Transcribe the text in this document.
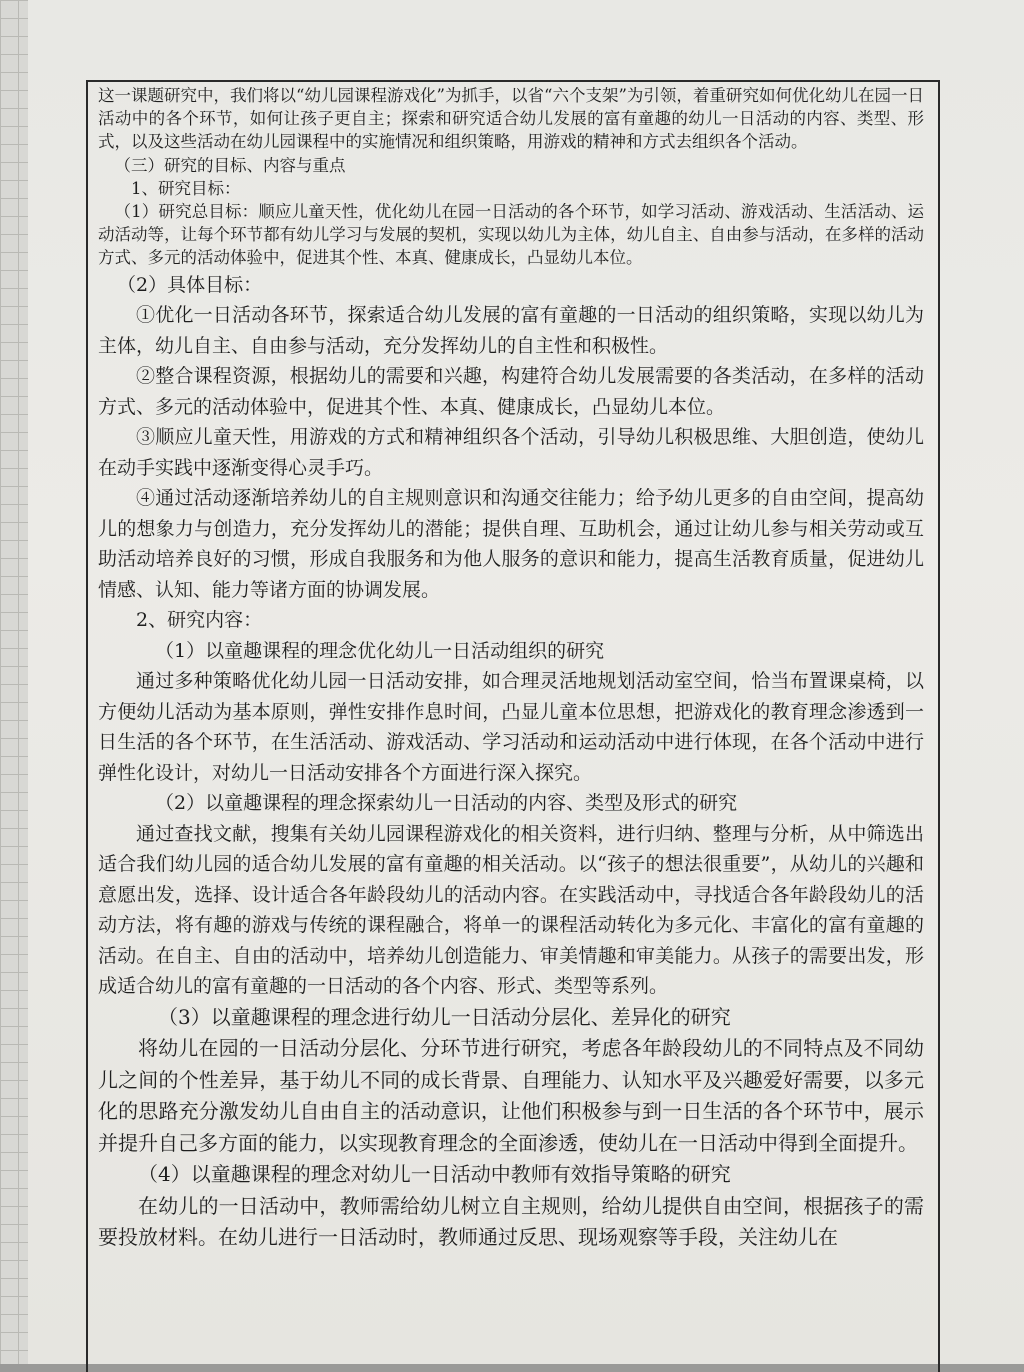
这一课题研究中，我们将以“幼儿园课程游戏化”为抓手，以省“六个支架”为引领，着重研究如何优化幼儿在园一日活动中的各个环节，如何让孩子更自主；探索和研究适合幼儿发展的富有童趣的幼儿一日活动的内容、类型、形式，以及这些活动在幼儿园课程中的实施情况和组织策略，用游戏的精神和方式去组织各个活动。

（三）研究的目标、内容与重点

1、研究目标：

（1）研究总目标：顺应儿童天性，优化幼儿在园一日活动的各个环节，如学习活动、游戏活动、生活活动、运动活动等，让每个环节都有幼儿学习与发展的契机，实现以幼儿为主体，幼儿自主、自由参与活动，在多样的活动方式、多元的活动体验中，促进其个性、本真、健康成长，凸显幼儿本位。

（2）具体目标：

①优化一日活动各环节，探索适合幼儿发展的富有童趣的一日活动的组织策略，实现以幼儿为主体，幼儿自主、自由参与活动，充分发挥幼儿的自主性和积极性。

②整合课程资源，根据幼儿的需要和兴趣，构建符合幼儿发展需要的各类活动，在多样的活动方式、多元的活动体验中，促进其个性、本真、健康成长，凸显幼儿本位。

③顺应儿童天性，用游戏的方式和精神组织各个活动，引导幼儿积极思维、大胆创造，使幼儿在动手实践中逐渐变得心灵手巧。

④通过活动逐渐培养幼儿的自主规则意识和沟通交往能力；给予幼儿更多的自由空间，提高幼儿的想象力与创造力，充分发挥幼儿的潜能；提供自理、互助机会，通过让幼儿参与相关劳动或互助活动培养良好的习惯，形成自我服务和为他人服务的意识和能力，提高生活教育质量，促进幼儿情感、认知、能力等诸方面的协调发展。

2、研究内容：

（1）以童趣课程的理念优化幼儿一日活动组织的研究

通过多种策略优化幼儿园一日活动安排，如合理灵活地规划活动室空间，恰当布置课桌椅，以方便幼儿活动为基本原则，弹性安排作息时间，凸显儿童本位思想，把游戏化的教育理念渗透到一日生活的各个环节，在生活活动、游戏活动、学习活动和运动活动中进行体现，在各个活动中进行弹性化设计，对幼儿一日活动安排各个方面进行深入探究。

（2）以童趣课程的理念探索幼儿一日活动的内容、类型及形式的研究

通过查找文献，搜集有关幼儿园课程游戏化的相关资料，进行归纳、整理与分析，从中筛选出适合我们幼儿园的适合幼儿发展的富有童趣的相关活动。以“孩子的想法很重要”，从幼儿的兴趣和意愿出发，选择、设计适合各年龄段幼儿的活动内容。在实践活动中，寻找适合各年龄段幼儿的活动方法，将有趣的游戏与传统的课程融合，将单一的课程活动转化为多元化、丰富化的富有童趣的活动。在自主、自由的活动中，培养幼儿创造能力、审美情趣和审美能力。从孩子的需要出发，形成适合幼儿的富有童趣的一日活动的各个内容、形式、类型等系列。

（3）以童趣课程的理念进行幼儿一日活动分层化、差异化的研究

将幼儿在园的一日活动分层化、分环节进行研究，考虑各年龄段幼儿的不同特点及不同幼儿之间的个性差异，基于幼儿不同的成长背景、自理能力、认知水平及兴趣爱好需要，以多元化的思路充分激发幼儿自由自主的活动意识，让他们积极参与到一日生活的各个环节中，展示并提升自己多方面的能力，以实现教育理念的全面渗透，使幼儿在一日活动中得到全面提升。

（4）以童趣课程的理念对幼儿一日活动中教师有效指导策略的研究

在幼儿的一日活动中，教师需给幼儿树立自主规则，给幼儿提供自由空间，根据孩子的需要投放材料。在幼儿进行一日活动时，教师通过反思、现场观察等手段，关注幼儿在
